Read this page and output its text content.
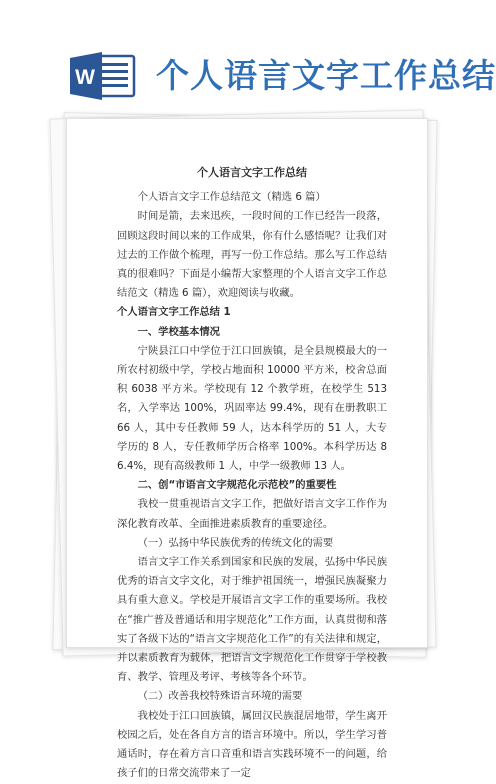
W 个人语言文字工作总结
个人语言文字工作总结

个人语言文字工作总结范文（精选 6 篇）

时间是箭，去来迅疾，一段时间的工作已经告一段落，回顾这段时间以来的工作成果，你有什么感悟呢？让我们对过去的工作做个梳理，再写一份工作总结。那么写工作总结真的很难吗？下面是小编帮大家整理的个人语言文字工作总结范文（精选 6 篇），欢迎阅读与收藏。

个人语言文字工作总结 1

一、学校基本情况

宁陕县江口中学位于江口回族镇，是全县规模最大的一所农村初级中学，学校占地面积 10000 平方米，校舍总面积 6038 平方米。学校现有 12 个教学班，在校学生 513 名，入学率达 100%，巩固率达 99.4%，现有在册教职工 66 人，其中专任教师 59 人，达本科学历的 51 人，大专学历的 8 人，专任教师学历合格率 100%。本科学历达 86.4%，现有高级教师 1 人，中学一级教师 13 人。

二、创“市语言文字规范化示范校”的重要性

我校一贯重视语言文字工作，把做好语言文字工作作为深化教育改革、全面推进素质教育的重要途径。

（一）弘扬中华民族优秀的传统文化的需要

语言文字工作关系到国家和民族的发展，弘扬中华民族优秀的语言文字文化，对于维护祖国统一，增强民族凝聚力具有重大意义。学校是开展语言文字工作的重要场所。我校在“推广普及普通话和用字规范化”工作方面，认真贯彻和落实了各级下达的“语言文字规范化工作”的有关法律和规定，并以素质教育为载体，把语言文字规范化工作贯穿于学校教育、教学、管理及考评、考核等各个环节。

（二）改善我校特殊语言环境的需要

我校处于江口回族镇，属回汉民族混居地带，学生离开校园之后，处在各自方言的语言环境中。所以，学生学习普通话时，存在着方言口音重和语言实践环境不一的问题，给孩子们的日常交流带来了一定
